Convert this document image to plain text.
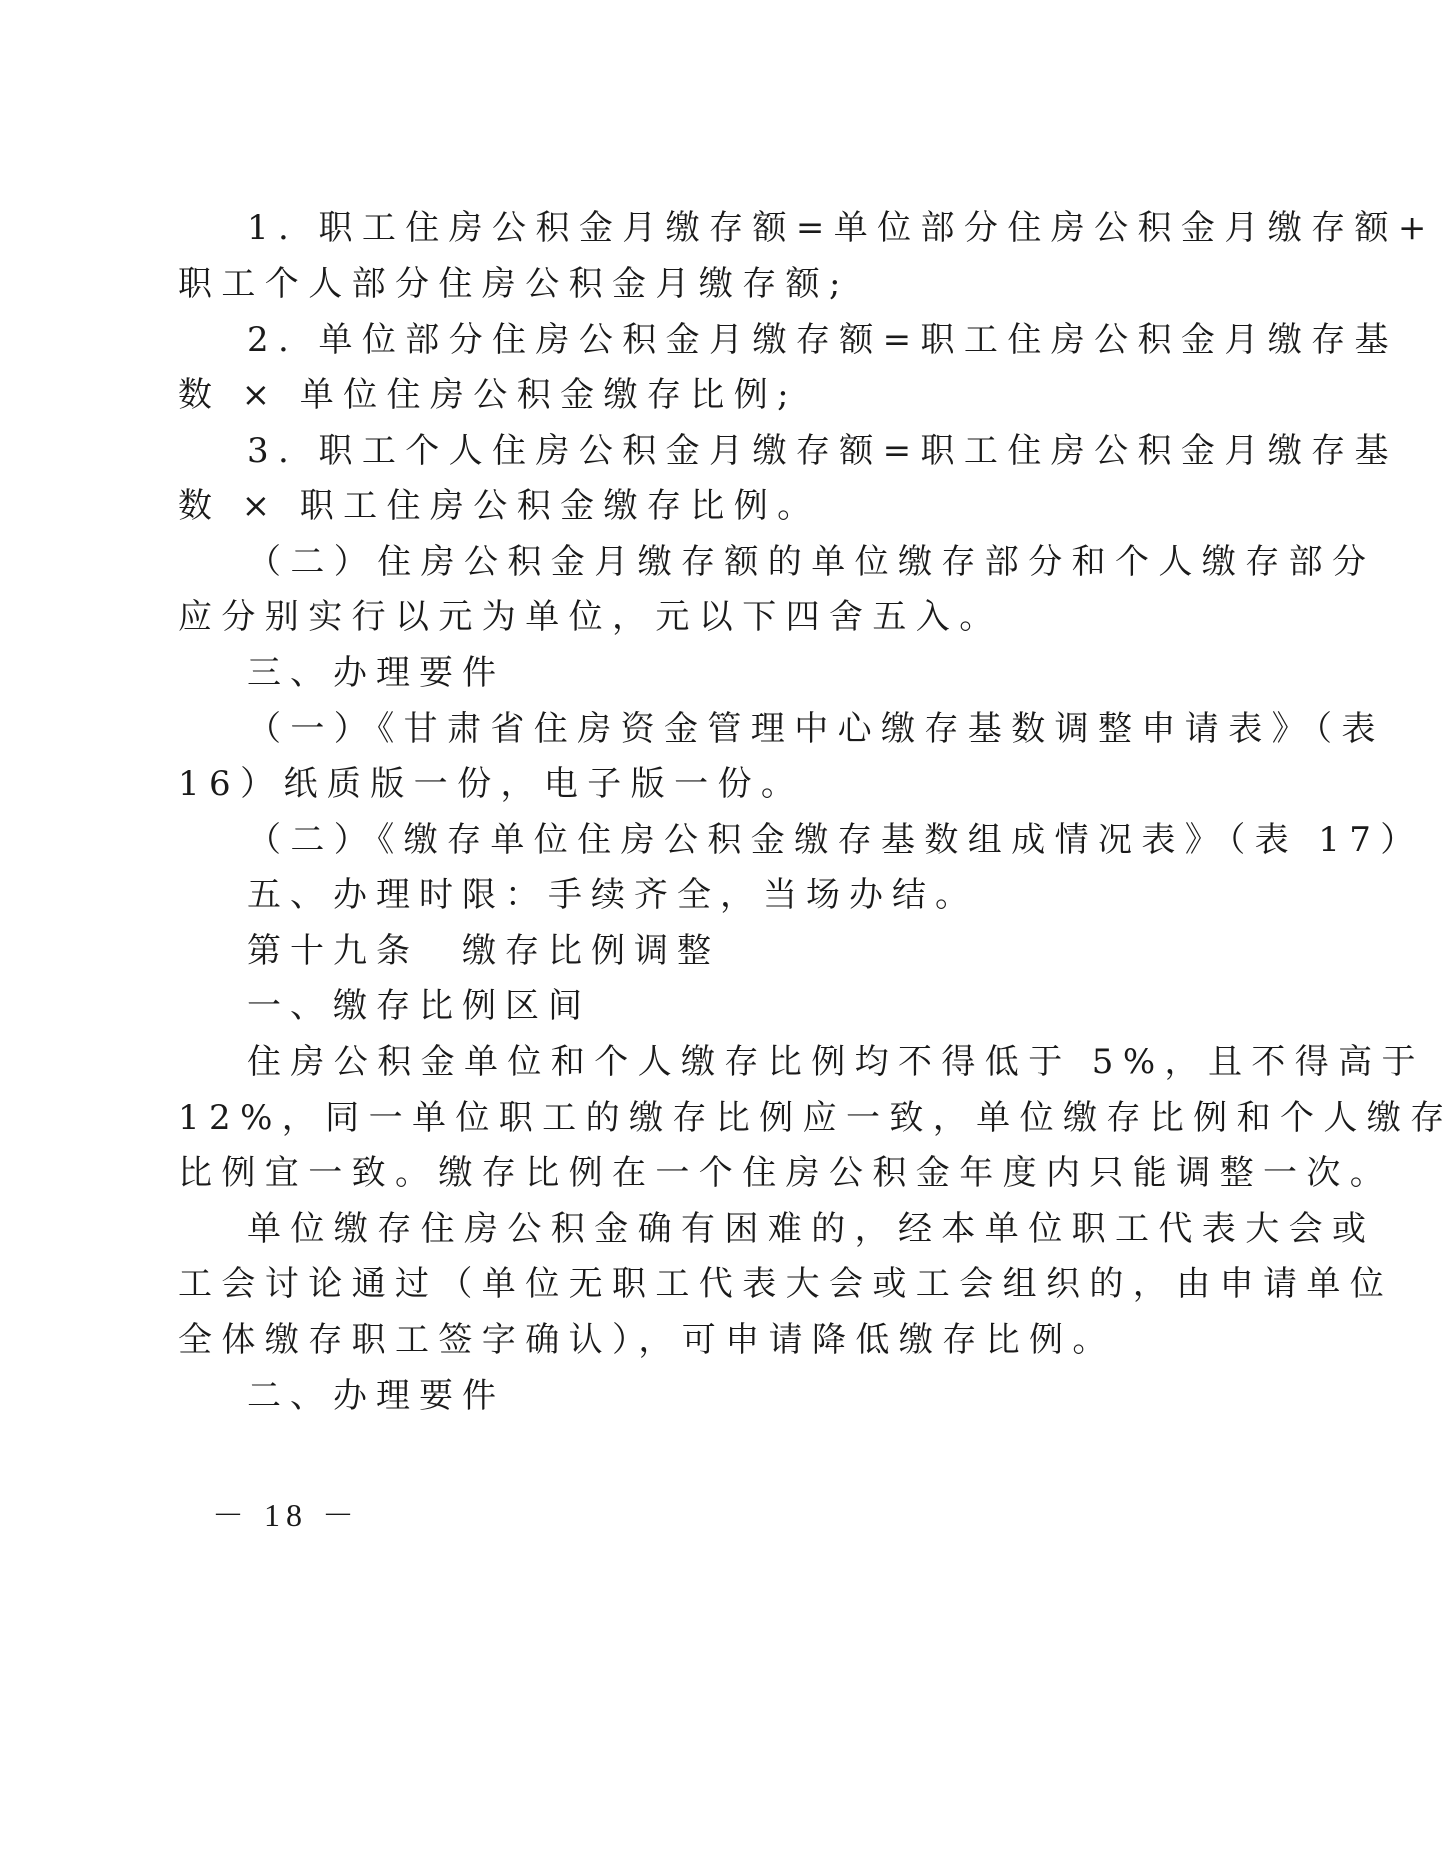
1. 职工住房公积金月缴存额=单位部分住房公积金月缴存额+
职工个人部分住房公积金月缴存额;
2. 单位部分住房公积金月缴存额=职工住房公积金月缴存基
数 × 单位住房公积金缴存比例;
3. 职工个人住房公积金月缴存额=职工住房公积金月缴存基
数 × 职工住房公积金缴存比例。
（二）住房公积金月缴存额的单位缴存部分和个人缴存部分
应分别实行以元为单位，元以下四舍五入。
三、办理要件
（一）《甘肃省住房资金管理中心缴存基数调整申请表》（表
16）纸质版一份，电子版一份。
（二）《缴存单位住房公积金缴存基数组成情况表》（表 17）
五、办理时限：手续齐全，当场办结。
第十九条　缴存比例调整
一、缴存比例区间
住房公积金单位和个人缴存比例均不得低于 5%，且不得高于
12%，同一单位职工的缴存比例应一致，单位缴存比例和个人缴存
比例宜一致。缴存比例在一个住房公积金年度内只能调整一次。
单位缴存住房公积金确有困难的，经本单位职工代表大会或
工会讨论通过（单位无职工代表大会或工会组织的，由申请单位
全体缴存职工签字确认），可申请降低缴存比例。
二、办理要件
－ 18 －
